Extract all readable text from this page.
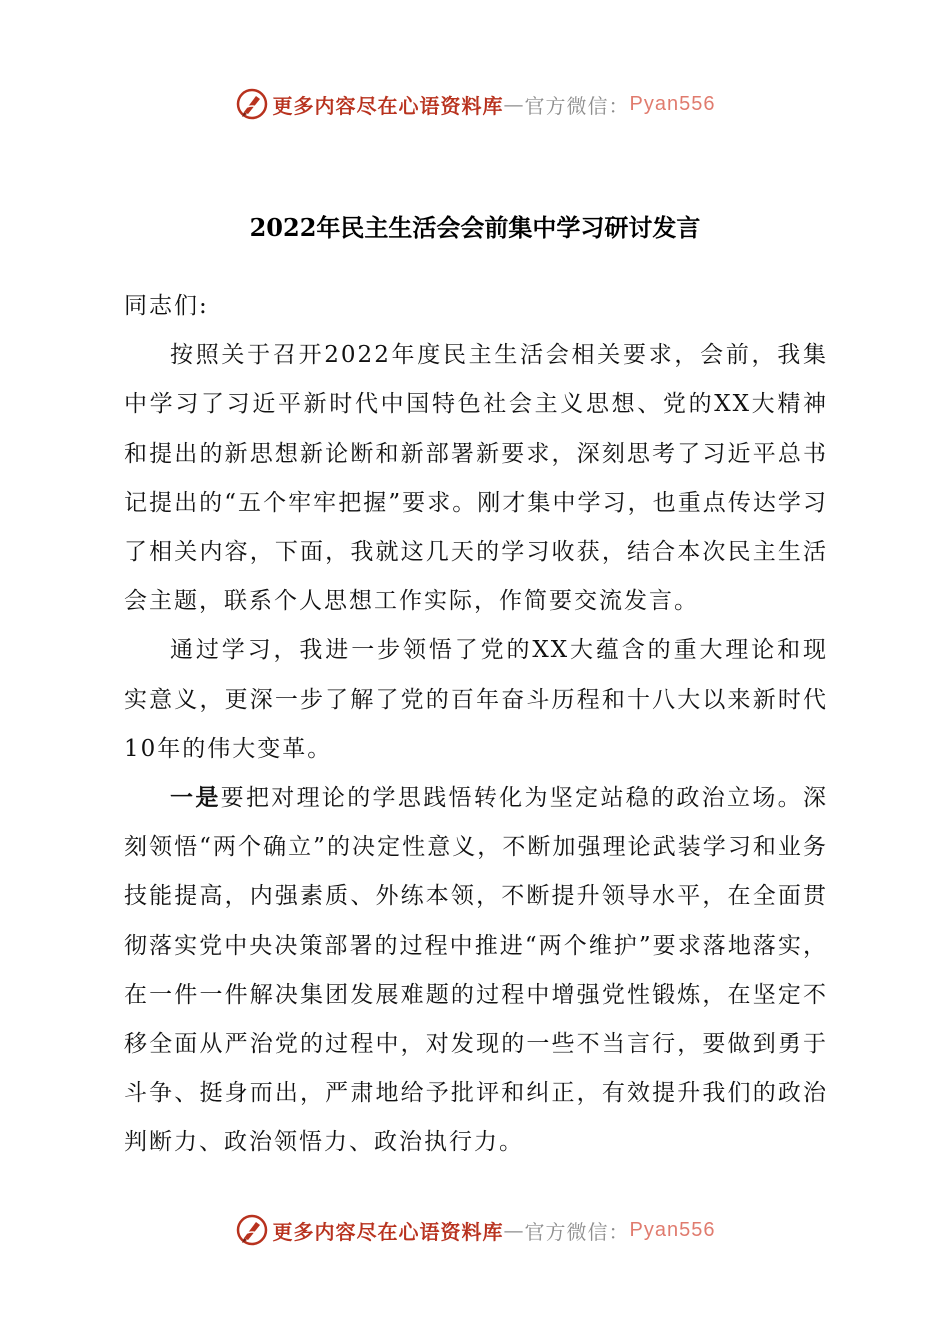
更多内容尽在心语资料库 — 官方微信： Pyan556
2022年民主生活会会前集中学习研讨发言

同志们:

按照关于召开2022年度民主生活会相关要求，会前，我集中学习了习近平新时代中国特色社会主义思想、党的XX大精神和提出的新思想新论断和新部署新要求，深刻思考了习近平总书记提出的“五个牢牢把握”要求。刚才集中学习，也重点传达学习了相关内容，下面，我就这几天的学习收获，结合本次民主生活会主题，联系个人思想工作实际，作简要交流发言。

通过学习，我进一步领悟了党的XX大蕴含的重大理论和现实意义，更深一步了解了党的百年奋斗历程和十八大以来新时代10年的伟大变革。

一是要把对理论的学思践悟转化为坚定站稳的政治立场。深刻领悟“两个确立”的决定性意义，不断加强理论武装学习和业务技能提高，内强素质、外练本领，不断提升领导水平，在全面贯彻落实党中央决策部署的过程中推进“两个维护”要求落地落实，在一件一件解决集团发展难题的过程中增强党性锻炼，在坚定不移全面从严治党的过程中，对发现的一些不当言行，要做到勇于斗争、挺身而出，严肃地给予批评和纠正，有效提升我们的政治判断力、政治领悟力、政治执行力。

更多内容尽在心语资料库 — 官方微信： Pyan556
